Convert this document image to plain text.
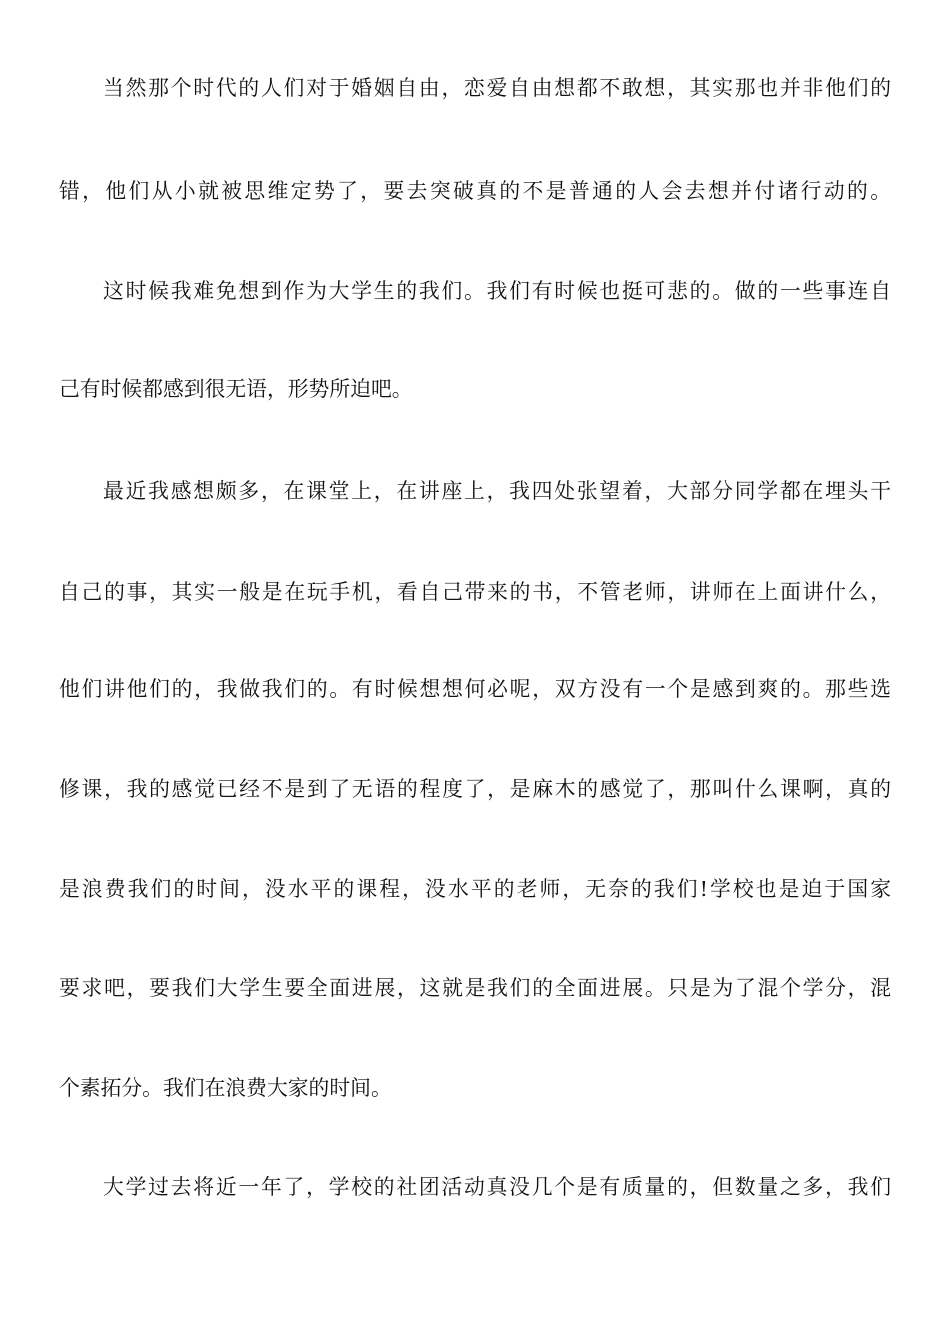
当然那个时代的人们对于婚姻自由，恋爱自由想都不敢想，其实那也并非他们的
错，他们从小就被思维定势了，要去突破真的不是普通的人会去想并付诸行动的。
这时候我难免想到作为大学生的我们。我们有时候也挺可悲的。做的一些事连自
己有时候都感到很无语，形势所迫吧。
最近我感想颇多，在课堂上，在讲座上，我四处张望着，大部分同学都在埋头干
自己的事，其实一般是在玩手机，看自己带来的书，不管老师，讲师在上面讲什么，
他们讲他们的，我做我们的。有时候想想何必呢，双方没有一个是感到爽的。那些选
修课，我的感觉已经不是到了无语的程度了，是麻木的感觉了，那叫什么课啊，真的
是浪费我们的时间，没水平的课程，没水平的老师，无奈的我们!学校也是迫于国家
要求吧，要我们大学生要全面进展，这就是我们的全面进展。只是为了混个学分，混
个素拓分。我们在浪费大家的时间。
大学过去将近一年了，学校的社团活动真没几个是有质量的，但数量之多，我们
